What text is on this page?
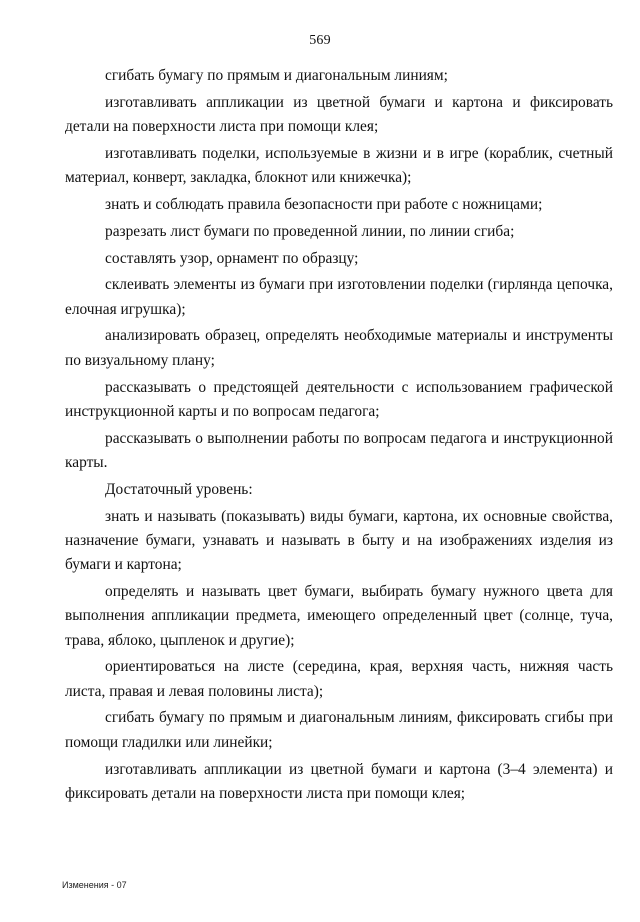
569

сгибать бумагу по прямым и диагональным линиям;

изготавливать аппликации из цветной бумаги и картона и фиксировать детали на поверхности листа при помощи клея;

изготавливать поделки, используемые в жизни и в игре (кораблик, счетный материал, конверт, закладка, блокнот или книжечка);

знать и соблюдать правила безопасности при работе с ножницами;

разрезать лист бумаги по проведенной линии, по линии сгиба;

составлять узор, орнамент по образцу;

склеивать элементы из бумаги при изготовлении поделки (гирлянда цепочка, елочная игрушка);

анализировать образец, определять необходимые материалы и инструменты по визуальному плану;

рассказывать о предстоящей деятельности с использованием графической инструкционной карты и по вопросам педагога;

рассказывать о выполнении работы по вопросам педагога и инструкционной карты.

Достаточный уровень:

знать и называть (показывать) виды бумаги, картона, их основные свойства, назначение бумаги, узнавать и называть в быту и на изображениях изделия из бумаги и картона;

определять и называть цвет бумаги, выбирать бумагу нужного цвета для выполнения аппликации предмета, имеющего определенный цвет (солнце, туча, трава, яблоко, цыпленок и другие);

ориентироваться на листе (середина, края, верхняя часть, нижняя часть листа, правая и левая половины листа);

сгибать бумагу по прямым и диагональным линиям, фиксировать сгибы при помощи гладилки или линейки;

изготавливать аппликации из цветной бумаги и картона (3–4 элемента) и фиксировать детали на поверхности листа при помощи клея;

Изменения - 07
